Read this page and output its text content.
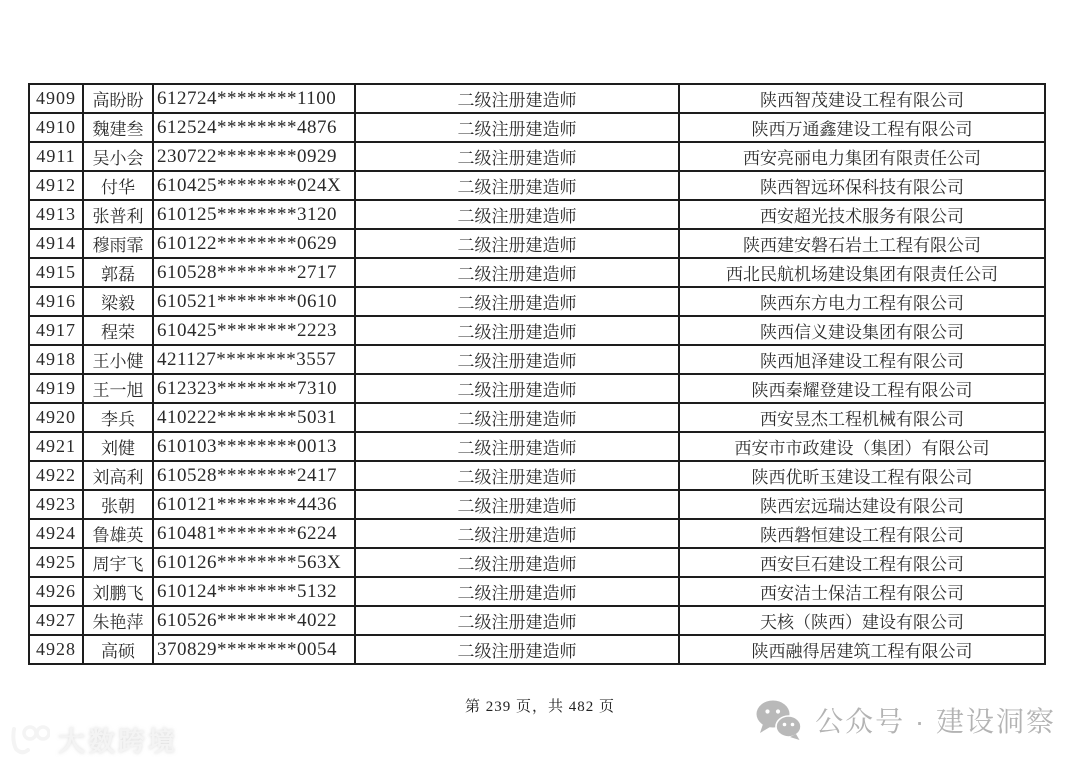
4909	高盼盼	612724********1100	二级注册建造师	陕西智茂建设工程有限公司
4910	魏建叁	612524********4876	二级注册建造师	陕西万通鑫建设工程有限公司
4911	吴小会	230722********0929	二级注册建造师	西安亮丽电力集团有限责任公司
4912	付华	610425********024X	二级注册建造师	陕西智远环保科技有限公司
4913	张普利	610125********3120	二级注册建造师	西安超光技术服务有限公司
4914	穆雨霏	610122********0629	二级注册建造师	陕西建安磐石岩土工程有限公司
4915	郭磊	610528********2717	二级注册建造师	西北民航机场建设集团有限责任公司
4916	梁毅	610521********0610	二级注册建造师	陕西东方电力工程有限公司
4917	程荣	610425********2223	二级注册建造师	陕西信义建设集团有限公司
4918	王小健	421127********3557	二级注册建造师	陕西旭泽建设工程有限公司
4919	王一旭	612323********7310	二级注册建造师	陕西秦耀登建设工程有限公司
4920	李兵	410222********5031	二级注册建造师	西安昱杰工程机械有限公司
4921	刘健	610103********0013	二级注册建造师	西安市市政建设（集团）有限公司
4922	刘高利	610528********2417	二级注册建造师	陕西优昕玉建设工程有限公司
4923	张朝	610121********4436	二级注册建造师	陕西宏远瑞达建设有限公司
4924	鲁雄英	610481********6224	二级注册建造师	陕西磐恒建设工程有限公司
4925	周宇飞	610126********563X	二级注册建造师	西安巨石建设工程有限公司
4926	刘鹏飞	610124********5132	二级注册建造师	西安洁士保洁工程有限公司
4927	朱艳萍	610526********4022	二级注册建造师	天核（陕西）建设有限公司
4928	高硕	370829********0054	二级注册建造师	陕西融得居建筑工程有限公司
第 239 页，共 482 页	公众号 · 建设洞察
大数跨境
